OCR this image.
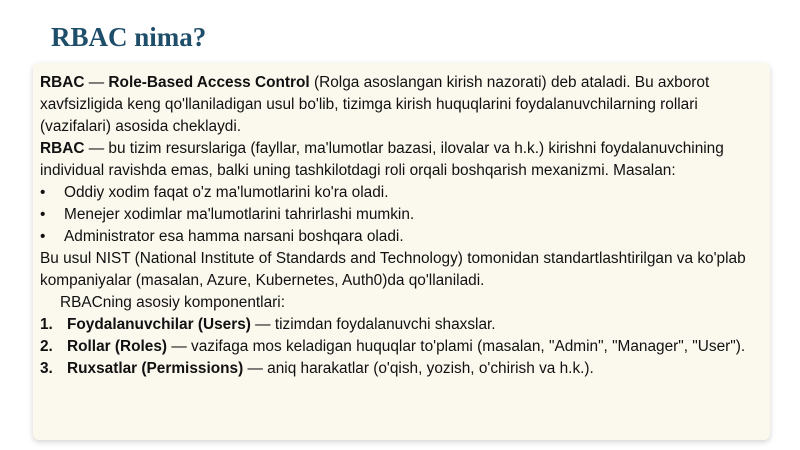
RBAC nima?

RBAC — Role-Based Access Control (Rolga asoslangan kirish nazorati) deb ataladi. Bu axborot xavfsizligida keng qo'llaniladigan usul bo'lib, tizimga kirish huquqlarini foydalanuvchilarning rollari (vazifalari) asosida cheklaydi.

RBAC — bu tizim resurslariga (fayllar, ma'lumotlar bazasi, ilovalar va h.k.) kirishni foydalanuvchining individual ravishda emas, balki uning tashkilotdagi roli orqali boshqarish mexanizmi. Masalan:

• Oddiy xodim faqat o'z ma'lumotlarini ko'ra oladi.
• Menejer xodimlar ma'lumotlarini tahrirlashi mumkin.
• Administrator esa hamma narsani boshqara oladi.

Bu usul NIST (National Institute of Standards and Technology) tomonidan standartlashtirilgan va ko'plab kompaniyalar (masalan, Azure, Kubernetes, Auth0)da qo'llaniladi.

RBACning asosiy komponentlari:

1. Foydalanuvchilar (Users) — tizimdan foydalanuvchi shaxslar.
2. Rollar (Roles) — vazifaga mos keladigan huquqlar to'plami (masalan, "Admin", "Manager", "User").
3. Ruxsatlar (Permissions) — aniq harakatlar (o'qish, yozish, o'chirish va h.k.).
